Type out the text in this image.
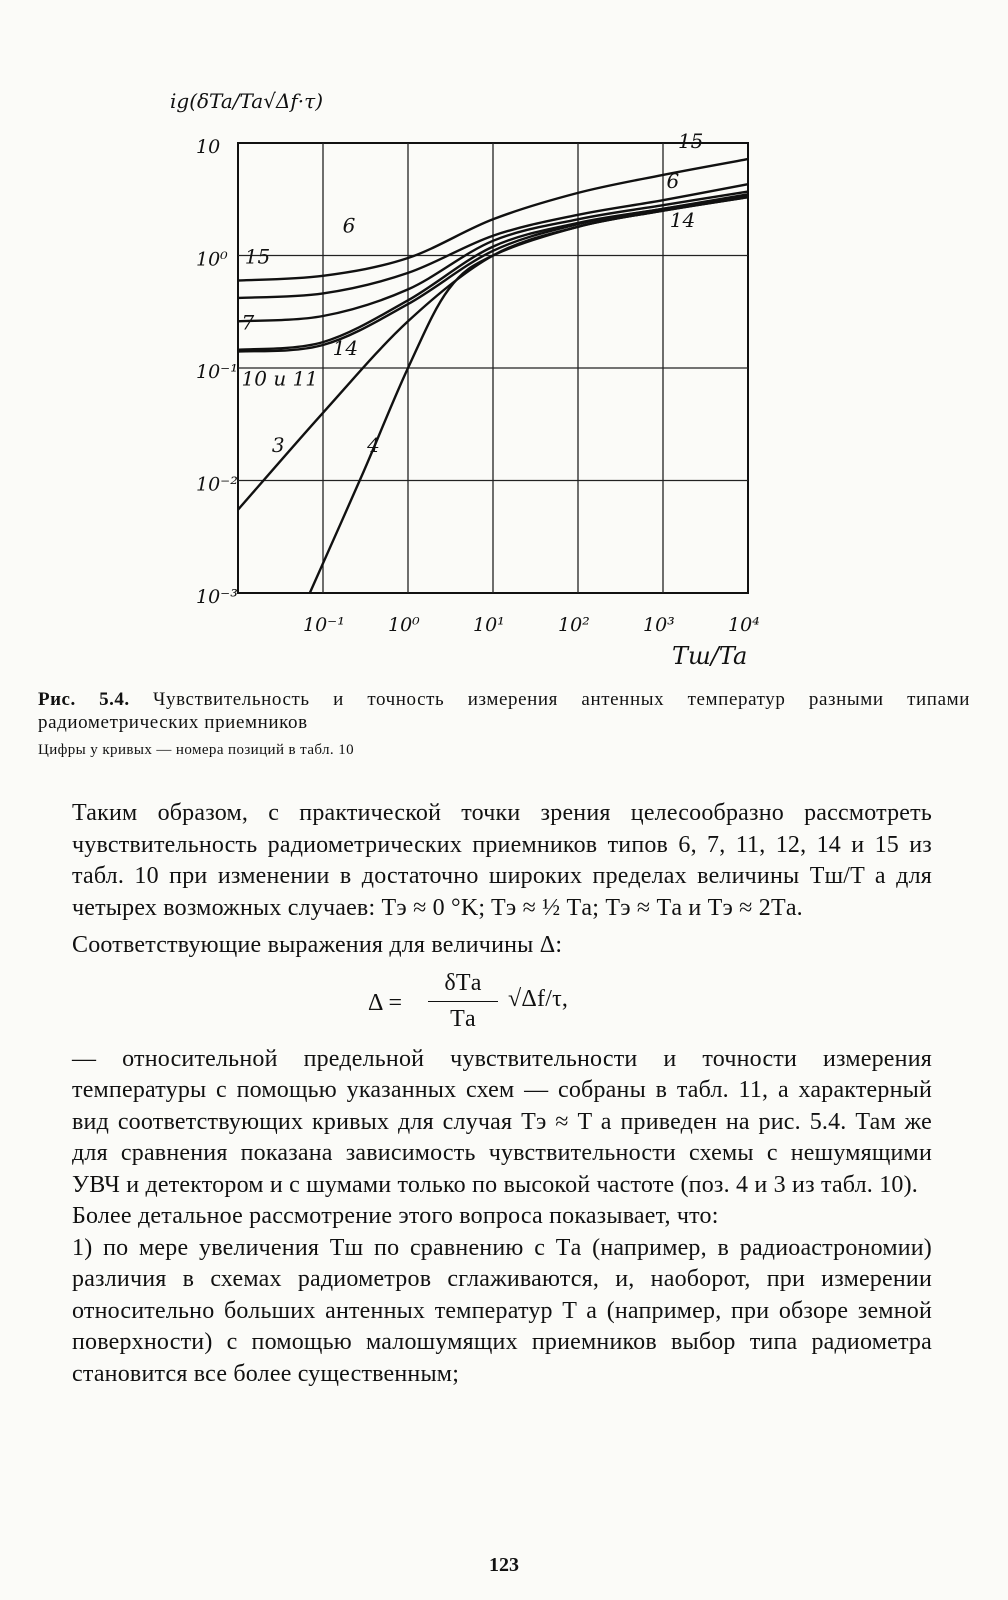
10⁻¹ 10⁰	10¹	10²	10³	10⁴
10
10⁰
10⁻¹
10⁻²
10⁻³
15
15
6
6
14
7
14
10 и 11
3	4
ig(δTa/Ta√Δf·τ)
Tш/Ta
Рис. 5.4. Чувствительность и точность измерения антенных температур разными типами радиометрических приемников
Цифры у кривых — номера позиций в табл. 10

Таким образом, с практической точки зрения целесообразно рассмотреть чувствительность радиометрических приемников типов 6, 7, 11, 12, 14 и 15 из табл. 10 при изменении в достаточно широких пределах величины Tш/T а для четырех возможных случаев: Tэ ≈ 0 °K; Tэ ≈ ½ Tа; Tэ ≈ Tа и Tэ ≈ 2Tа.

Соответствующие выражения для величины Δ:

Δ =
δTа
Tа
√Δf/τ,

— относительной предельной чувствительности и точности измерения температуры с помощью указанных схем — собраны в табл. 11, а характерный вид соответствующих кривых для случая Tэ ≈ T а приведен на рис. 5.4. Там же для сравнения показана зависимость чувствительности схемы с нешумящими УВЧ и детектором и с шумами только по высокой частоте (поз. 4 и 3 из табл. 10).

Более детальное рассмотрение этого вопроса показывает, что:

1) по мере увеличения Tш по сравнению с Tа (например, в радиоастрономии) различия в схемах радиометров сглаживаются, и, наоборот, при измерении относительно больших антенных температур T а (например, при обзоре земной поверхности) с помощью малошумящих приемников выбор типа радиометра становится все более существенным;

123
